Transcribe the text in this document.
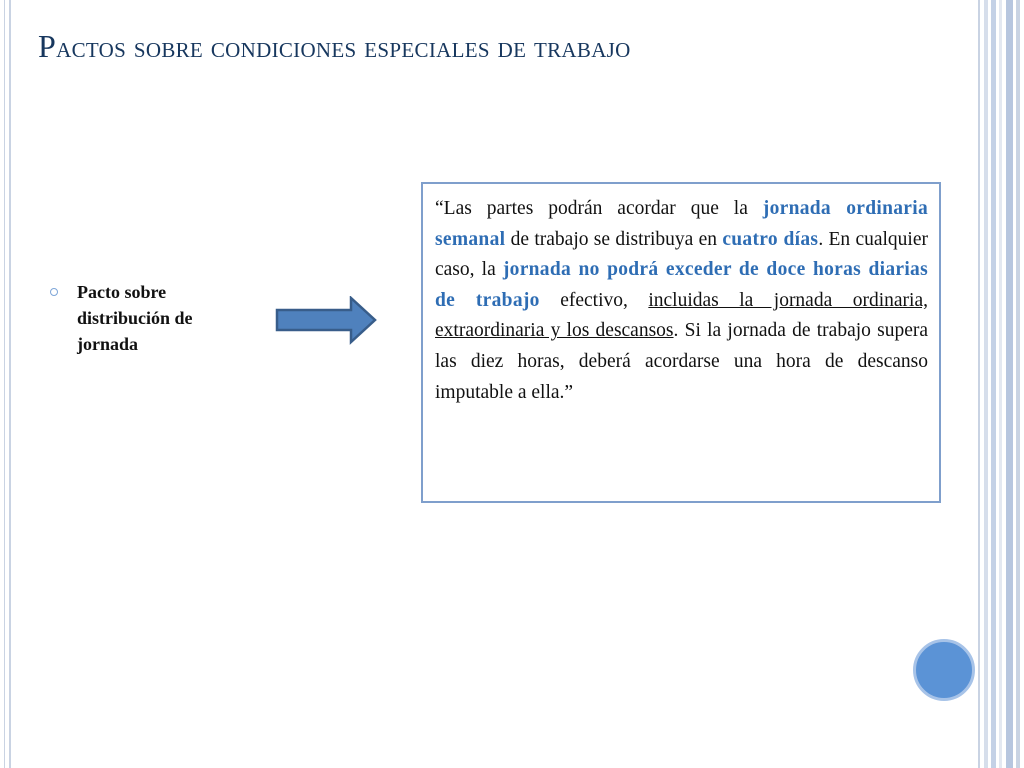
Pactos sobre condiciones especiales de trabajo
Pacto sobre distribución de jornada

“Las partes podrán acordar que la jornada ordinaria semanal de trabajo se distribuya en cuatro días. En cualquier caso, la jornada no podrá exceder de doce horas diarias de trabajo efectivo, incluidas la jornada ordinaria, extraordinaria y los descansos. Si la jornada de trabajo supera las diez horas, deberá acordarse una hora de descanso imputable a ella.”
